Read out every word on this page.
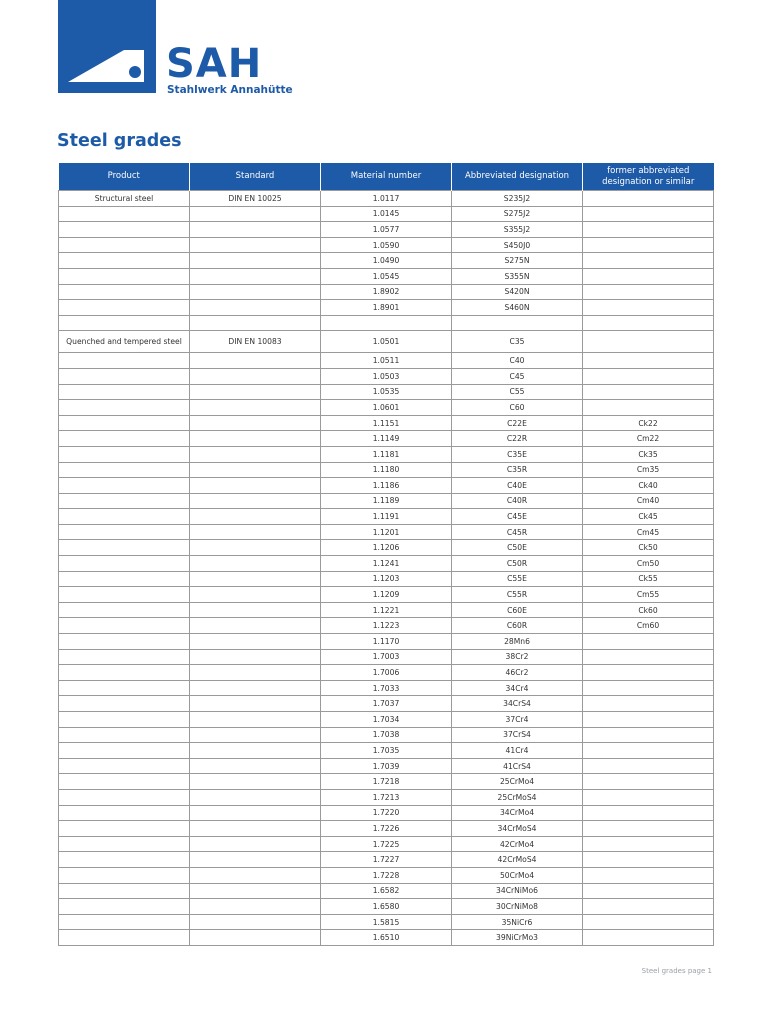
SAH
Stahlwerk Annahütte
Steel grades
Product	Standard	Material number	Abbreviated designation	former abbreviated designation or similar
Structural steel	DIN EN 10025	1.0117	S235J2	
		1.0145	S275J2	
		1.0577	S355J2	
		1.0590	S450J0	
		1.0490	S275N	
		1.0545	S355N	
		1.8902	S420N	
		1.8901	S460N	

Quenched and tempered steel	DIN EN 10083	1.0501	C35	
		1.0511	C40	
		1.0503	C45	
		1.0535	C55	
		1.0601	C60	
		1.1151	C22E	Ck22
		1.1149	C22R	Cm22
		1.1181	C35E	Ck35
		1.1180	C35R	Cm35
		1.1186	C40E	Ck40
		1.1189	C40R	Cm40
		1.1191	C45E	Ck45
		1.1201	C45R	Cm45
		1.1206	C50E	Ck50
		1.1241	C50R	Cm50
		1.1203	C55E	Ck55
		1.1209	C55R	Cm55
		1.1221	C60E	Ck60
		1.1223	C60R	Cm60
		1.1170	28Mn6	
		1.7003	38Cr2	
		1.7006	46Cr2	
		1.7033	34Cr4	
		1.7037	34CrS4	
		1.7034	37Cr4	
		1.7038	37CrS4	
		1.7035	41Cr4	
		1.7039	41CrS4	
		1.7218	25CrMo4	
		1.7213	25CrMoS4	
		1.7220	34CrMo4	
		1.7226	34CrMoS4	
		1.7225	42CrMo4	
		1.7227	42CrMoS4	
		1.7228	50CrMo4	
		1.6582	34CrNiMo6	
		1.6580	30CrNiMo8	
		1.5815	35NiCr6	
		1.6510	39NiCrMo3	
Steel grades page 1
